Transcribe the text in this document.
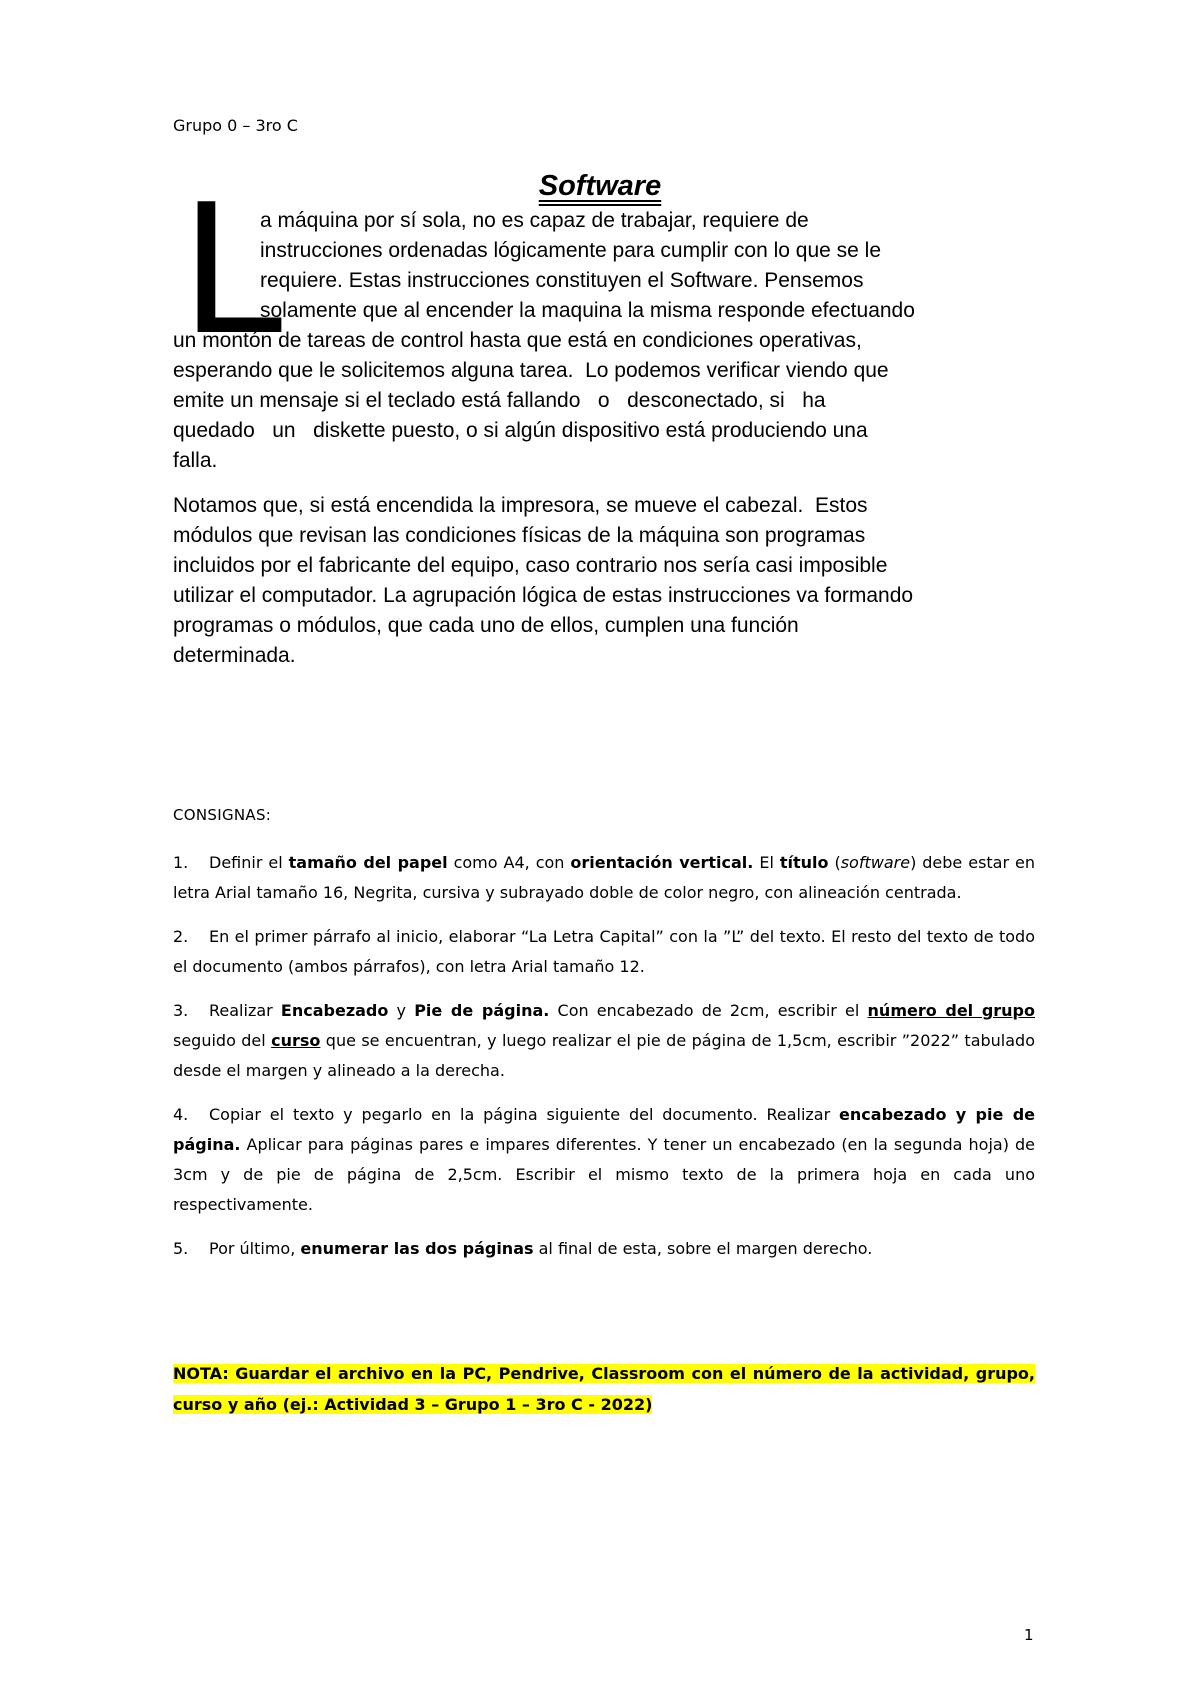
Grupo 0 – 3ro C
Software
L
a máquina por sí sola, no es capaz de trabajar, requiere de
instrucciones ordenadas lógicamente para cumplir con lo que se le
requiere. Estas instrucciones constituyen el Software. Pensemos
solamente que al encender la maquina la misma responde efectuando
un montón de tareas de control hasta que está en condiciones operativas,
esperando que le solicitemos alguna tarea.  Lo podemos verificar viendo que
emite un mensaje si el teclado está fallando   o   desconectado, si   ha
quedado   un   diskette puesto, o si algún dispositivo está produciendo una
falla.
Notamos que, si está encendida la impresora, se mueve el cabezal.  Estos
módulos que revisan las condiciones físicas de la máquina son programas
incluidos por el fabricante del equipo, caso contrario nos sería casi imposible
utilizar el computador. La agrupación lógica de estas instrucciones va formando
programas o módulos, que cada uno de ellos, cumplen una función
determinada.
CONSIGNAS:
1. Definir el tamaño del papel como A4, con orientación vertical. El título (software) debe estar en letra Arial tamaño 16, Negrita, cursiva y subrayado doble de color negro, con alineación centrada.
2. En el primer párrafo al inicio, elaborar “La Letra Capital” con la ”L” del texto. El resto del texto de todo el documento (ambos párrafos), con letra Arial tamaño 12.
3. Realizar Encabezado y Pie de página. Con encabezado de 2cm, escribir el número del grupo seguido del curso que se encuentran, y luego realizar el pie de página de 1,5cm, escribir ”2022” tabulado desde el margen y alineado a la derecha.
4. Copiar el texto y pegarlo en la página siguiente del documento. Realizar encabezado y pie de página. Aplicar para páginas pares e impares diferentes. Y tener un encabezado (en la segunda hoja) de 3cm y de pie de página de 2,5cm. Escribir el mismo texto de la primera hoja en cada uno respectivamente.
5. Por último, enumerar las dos páginas al final de esta, sobre el margen derecho.
NOTA: Guardar el archivo en la PC, Pendrive, Classroom con el número de la actividad, grupo, curso y año (ej.: Actividad 3 – Grupo 1 – 3ro C - 2022)
1
